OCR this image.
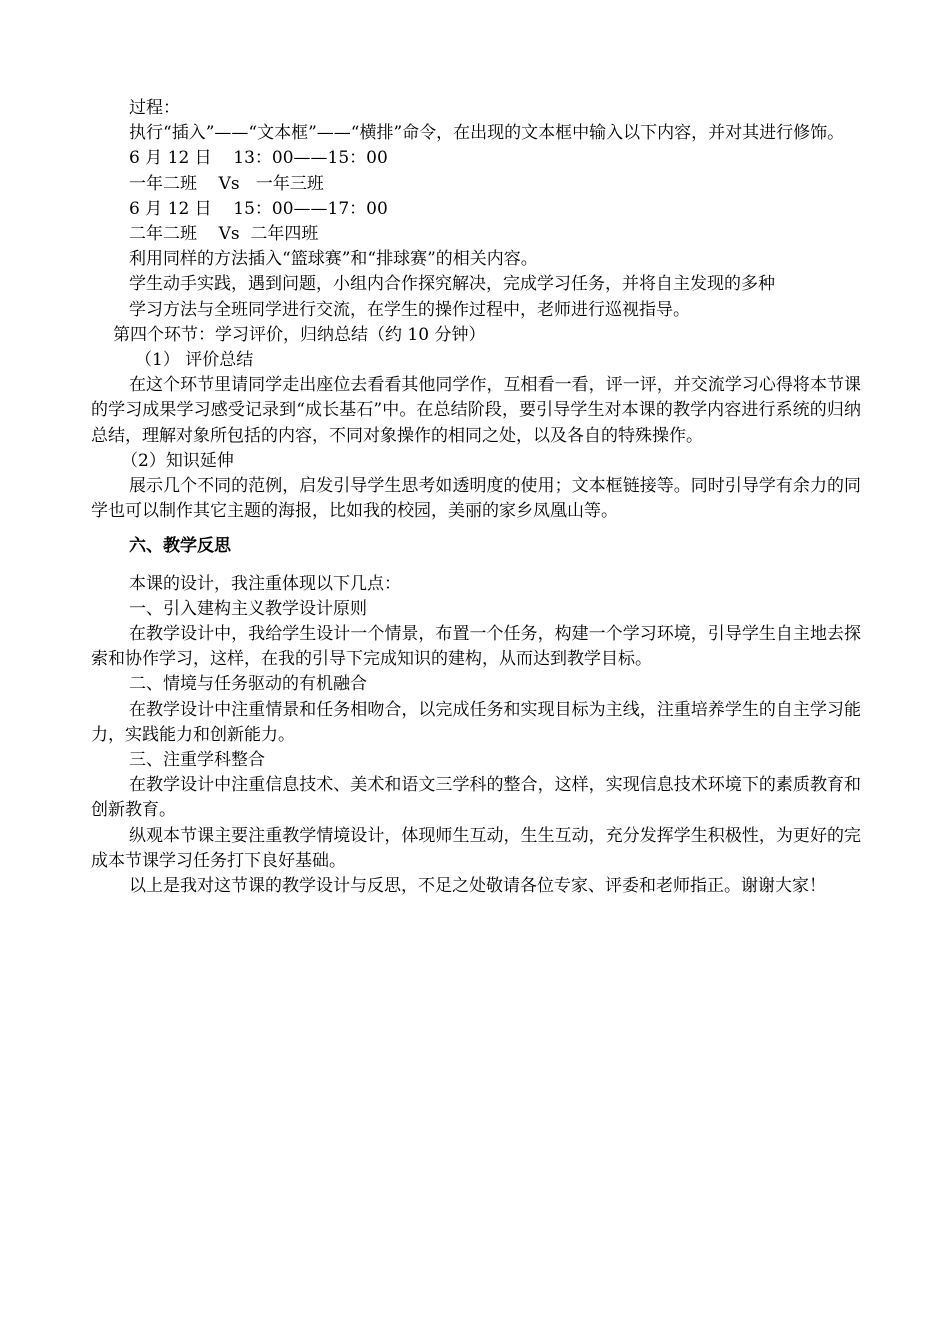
过程：

执行“插入”——“文本框”——“横排”命令，在出现的文本框中输入以下内容，并对其进行修饰。

6 月 12 日    13：00——15：00

一年二班    Vs   一年三班

6 月 12 日    15：00——17：00

二年二班    Vs  二年四班

利用同样的方法插入“篮球赛”和“排球赛”的相关内容。

学生动手实践，遇到问题，小组内合作探究解决，完成学习任务，并将自主发现的多种

学习方法与全班同学进行交流，在学生的操作过程中，老师进行巡视指导。

第四个环节：学习评价，归纳总结（约 10 分钟）

（1） 评价总结

在这个环节里请同学走出座位去看看其他同学作，互相看一看，评一评，并交流学习心得将本节课的学习成果学习感受记录到“成长基石”中。在总结阶段，要引导学生对本课的教学内容进行系统的归纳总结，理解对象所包括的内容，不同对象操作的相同之处，以及各自的特殊操作。

（2）知识延伸

展示几个不同的范例，启发引导学生思考如透明度的使用；文本框链接等。同时引导学有余力的同学也可以制作其它主题的海报，比如我的校园，美丽的家乡凤凰山等。

六、教学反思

本课的设计，我注重体现以下几点：

一、引入建构主义教学设计原则

在教学设计中，我给学生设计一个情景，布置一个任务，构建一个学习环境，引导学生自主地去探索和协作学习，这样，在我的引导下完成知识的建构，从而达到教学目标。

二、情境与任务驱动的有机融合

在教学设计中注重情景和任务相吻合，以完成任务和实现目标为主线，注重培养学生的自主学习能力，实践能力和创新能力。

三、注重学科整合

在教学设计中注重信息技术、美术和语文三学科的整合，这样，实现信息技术环境下的素质教育和创新教育。

纵观本节课主要注重教学情境设计，体现师生互动，生生互动，充分发挥学生积极性，为更好的完成本节课学习任务打下良好基础。

以上是我对这节课的教学设计与反思，不足之处敬请各位专家、评委和老师指正。谢谢大家！
